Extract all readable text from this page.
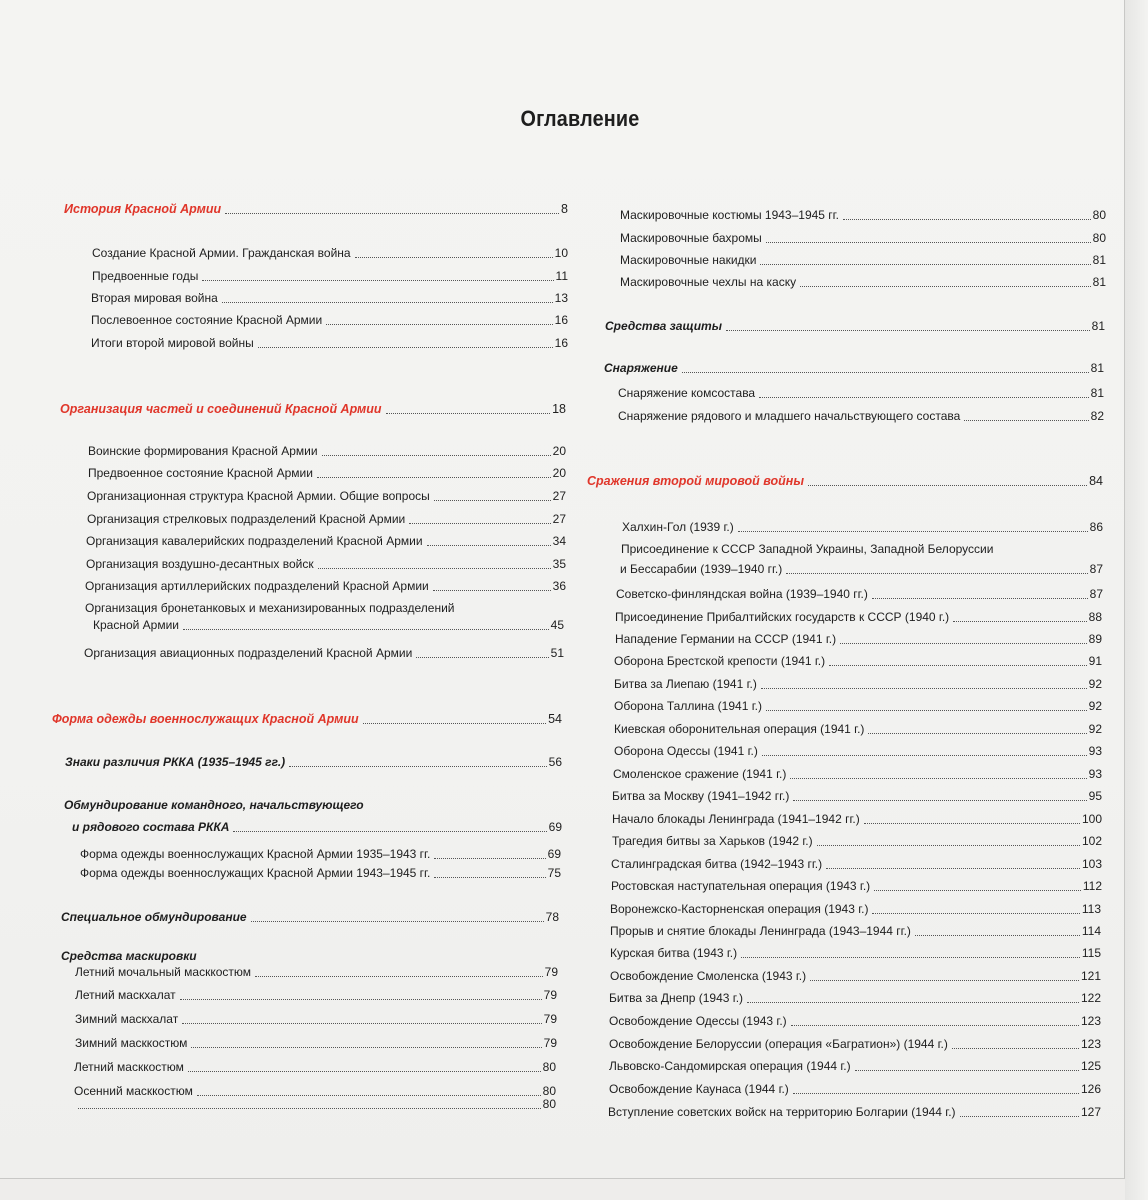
Оглавление
История Красной Армии	8
Создание Красной Армии. Гражданская война	10
Предвоенные годы	11
Вторая мировая война	13
Послевоенное состояние Красной Армии	16
Итоги второй мировой войны	16
Организация частей и соединений Красной Армии	18
Воинские формирования Красной Армии	20
Предвоенное состояние Красной Армии	20
Организационная структура Красной Армии. Общие вопросы	27
Организация стрелковых подразделений Красной Армии	27
Организация кавалерийских подразделений Красной Армии	34
Организация воздушно-десантных войск	35
Организация артиллерийских подразделений Красной Армии	36
Организация бронетанковых и механизированных подразделений
Красной Армии	45
Организация авиационных подразделений Красной Армии	51
Форма одежды военнослужащих Красной Армии	54
Знаки различия РККА (1935–1945 гг.)	56
Обмундирование командного, начальствующего
и рядового состава РККА	69
Форма одежды военнослужащих Красной Армии 1935–1943 гг.	69
Форма одежды военнослужащих Красной Армии 1943–1945 гг.	75
Специальное обмундирование	78
Средства маскировки
Летний мочальный масккостюм	79
Летний маскхалат	79
Зимний маскхалат	79
Зимний масккостюм	79
Летний масккостюм	80
Осенний масккостюм	80
80
Маскировочные костюмы 1943–1945 гг.	80
Маскировочные бахромы	80
Маскировочные накидки	81
Маскировочные чехлы на каску	81
Средства защиты	81
Снаряжение	81
Снаряжение комсостава	81
Снаряжение рядового и младшего начальствующего состава	82
Сражения второй мировой войны	84
Халхин-Гол (1939 г.)	86
Присоединение к СССР Западной Украины, Западной Белоруссии
и Бессарабии (1939–1940 гг.)	87
Советско-финляндская война (1939–1940 гг.)	87
Присоединение Прибалтийских государств к СССР (1940 г.)	88
Нападение Германии на СССР (1941 г.)	89
Оборона Брестской крепости (1941 г.)	91
Битва за Лиепаю (1941 г.)	92
Оборона Таллина (1941 г.)	92
Киевская оборонительная операция (1941 г.)	92
Оборона Одессы (1941 г.)	93
Смоленское сражение (1941 г.)	93
Битва за Москву (1941–1942 гг.)	95
Начало блокады Ленинграда (1941–1942 гг.)	100
Трагедия битвы за Харьков (1942 г.)	102
Сталинградская битва (1942–1943 гг.)	103
Ростовская наступательная операция (1943 г.)	112
Воронежско-Касторненская операция (1943 г.)	113
Прорыв и снятие блокады Ленинграда (1943–1944 гг.)	114
Курская битва (1943 г.)	115
Освобождение Смоленска (1943 г.)	121
Битва за Днепр (1943 г.)	122
Освобождение Одессы (1943 г.)	123
Освобождение Белоруссии (операция «Багратион») (1944 г.)	123
Львовско-Сандомирская операция (1944 г.)	125
Освобождение Каунаса (1944 г.)	126
Вступление советских войск на территорию Болгарии (1944 г.)	127
